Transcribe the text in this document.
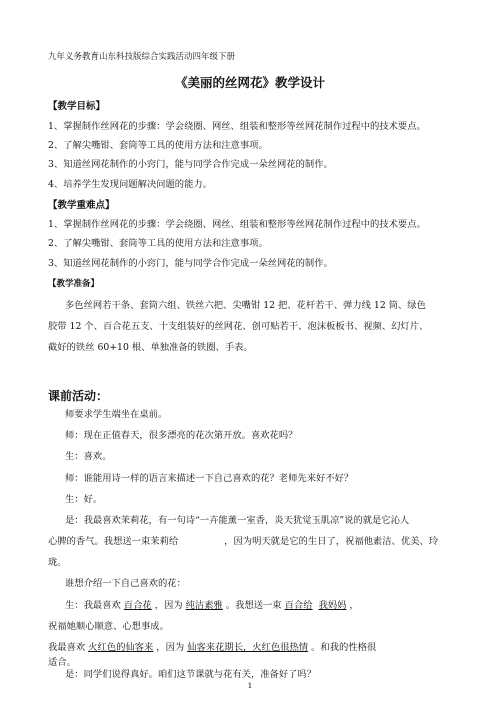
九年义务教育山东科技版综合实践活动四年级下册
《美丽的丝网花》教学设计
【教学目标】
1、掌握制作丝网花的步骤：学会绕圈、网丝、组装和整形等丝网花制作过程中的技术要点。
2、了解尖嘴钳、套筒等工具的使用方法和注意事项。
3、知道丝网花制作的小窍门，能与同学合作完成一朵丝网花的制作。
4、培养学生发现问题解决问题的能力。
【教学重难点】
1、掌握制作丝网花的步骤：学会绕圈、网丝、组装和整形等丝网花制作过程中的技术要点。
2、了解尖嘴钳、套筒等工具的使用方法和注意事项。
3、知道丝网花制作的小窍门，能与同学合作完成一朵丝网花的制作。
【教学准备】
多色丝网若干条、套筒六组、铁丝六把、尖嘴钳 12 把、花杆若干、弹力线 12 筒、绿色
胶带 12 个、百合花五支、十支组装好的丝网花、创可贴若干、泡沫板板书、视频、幻灯片、
截好的铁丝 60+10 根、单独准备的铁圈、手表。
课前活动：
师要求学生端坐在桌前。
师：现在正值春天，很多漂亮的花次第开放。喜欢花吗？
生：喜欢。
师：谁能用诗一样的语言来描述一下自己喜欢的花？老师先来好不好？
生：好。
是：我最喜欢茉莉花，有一句诗“一卉能薰一室香，炎天犹觉玉肌凉”说的就是它沁人
心脾的香气。我想送一束茉莉给	，因为明天就是它的生日了，祝福他素洁、优美、玲
珑。
谁想介绍一下自己喜欢的花：
生：我最喜欢 百合花 ，因为 纯洁素雅 。我想送一束 百合给 我妈妈 ，
祝福她顺心顺意、心想事成。
我最喜欢 火红色的仙客来 ，因为 仙客来花期长，火红色很热情 。和我的性格很
适合。
是：同学们说得真好。咱们这节课就与花有关，准备好了吗？
1
